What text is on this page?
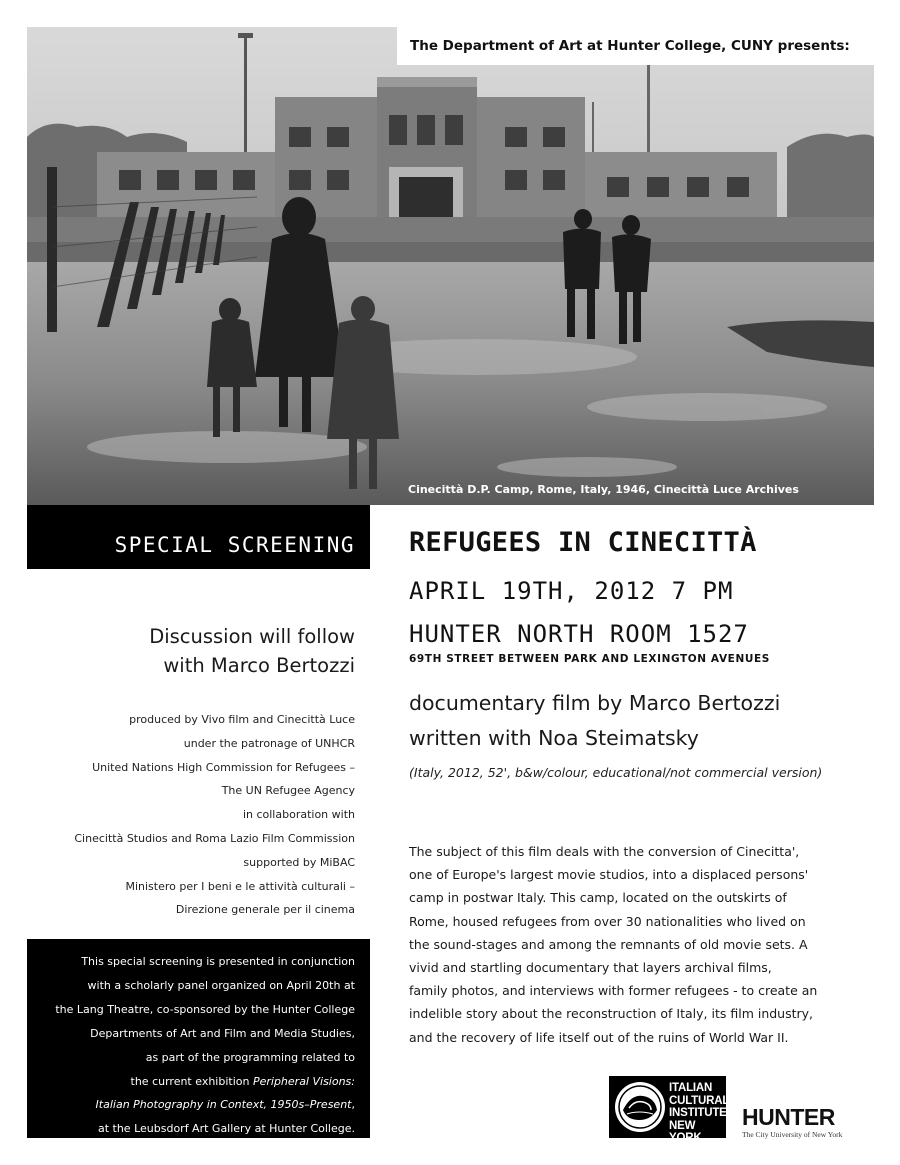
The Department of Art at Hunter College, CUNY presents:
Cinecittà D.P. Camp, Rome, Italy, 1946, Cinecittà Luce Archives
SPECIAL SCREENING
Discussion will follow
with Marco Bertozzi
produced by Vivo film and Cinecittà Luce
under the patronage of UNHCR
United Nations High Commission for Refugees –
The UN Refugee Agency
in collaboration with
Cinecittà Studios and Roma Lazio Film Commission
supported by MiBAC
Ministero per I beni e le attività culturali –
Direzione generale per il cinema
This special screening is presented in conjunction
with a scholarly panel organized on April 20th at
the Lang Theatre, co-sponsored by the Hunter College
Departments of Art and Film and Media Studies,
as part of the programming related to
the current exhibition Peripheral Visions:
Italian Photography in Context, 1950s–Present,
at the Leubsdorf Art Gallery at Hunter College.
REFUGEES IN CINECITTÀ
APRIL 19TH, 2012 7 PM
HUNTER NORTH ROOM 1527
69TH STREET BETWEEN PARK AND LEXINGTON AVENUES
documentary film by Marco Bertozzi
written with Noa Steimatsky
(Italy, 2012, 52', b&w/colour, educational/not commercial version)
The subject of this film deals with the conversion of Cinecitta',
one of Europe's largest movie studios, into a displaced persons'
camp in postwar Italy. This camp, located on the outskirts of
Rome, housed refugees from over 30 nationalities who lived on
the sound-stages and among the remnants of old movie sets. A
vivid and startling documentary that layers archival films,
family photos, and interviews with former refugees - to create an
indelible story about the reconstruction of Italy, its film industry,
and the recovery of life itself out of the ruins of World War II.
ITALIAN
CULTURAL
INSTITUTE
NEW YORK
HUNTER
The City University of New York
